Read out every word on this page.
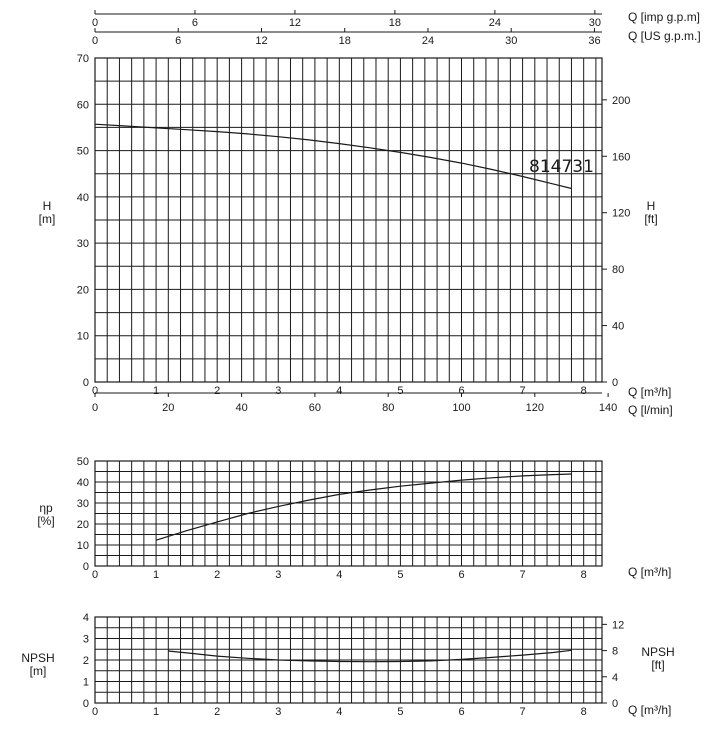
0	1	2	3	4	5	6	7	8
0
10
20
30
40
50
60
70
0
40
80
120
160
200
0	20	40	60	80	100	120	140
0	6	12	18	24	30
0	6	12	18	24	30	36
Q [imp g.p.m]
Q [US g.p.m.]
Q [m³/h]
Q [l/min]
H [m]
H [ft]
814731
0	1	2	3	4	5	6	7	8
0
10
20
30
40
50
Q [m³/h]
ηp [%]
0	1	2	3	4	5	6	7	8
0
1
2
3
4
0
4
8
12
Q [m³/h]
NPSH [m]
NPSH [ft]
